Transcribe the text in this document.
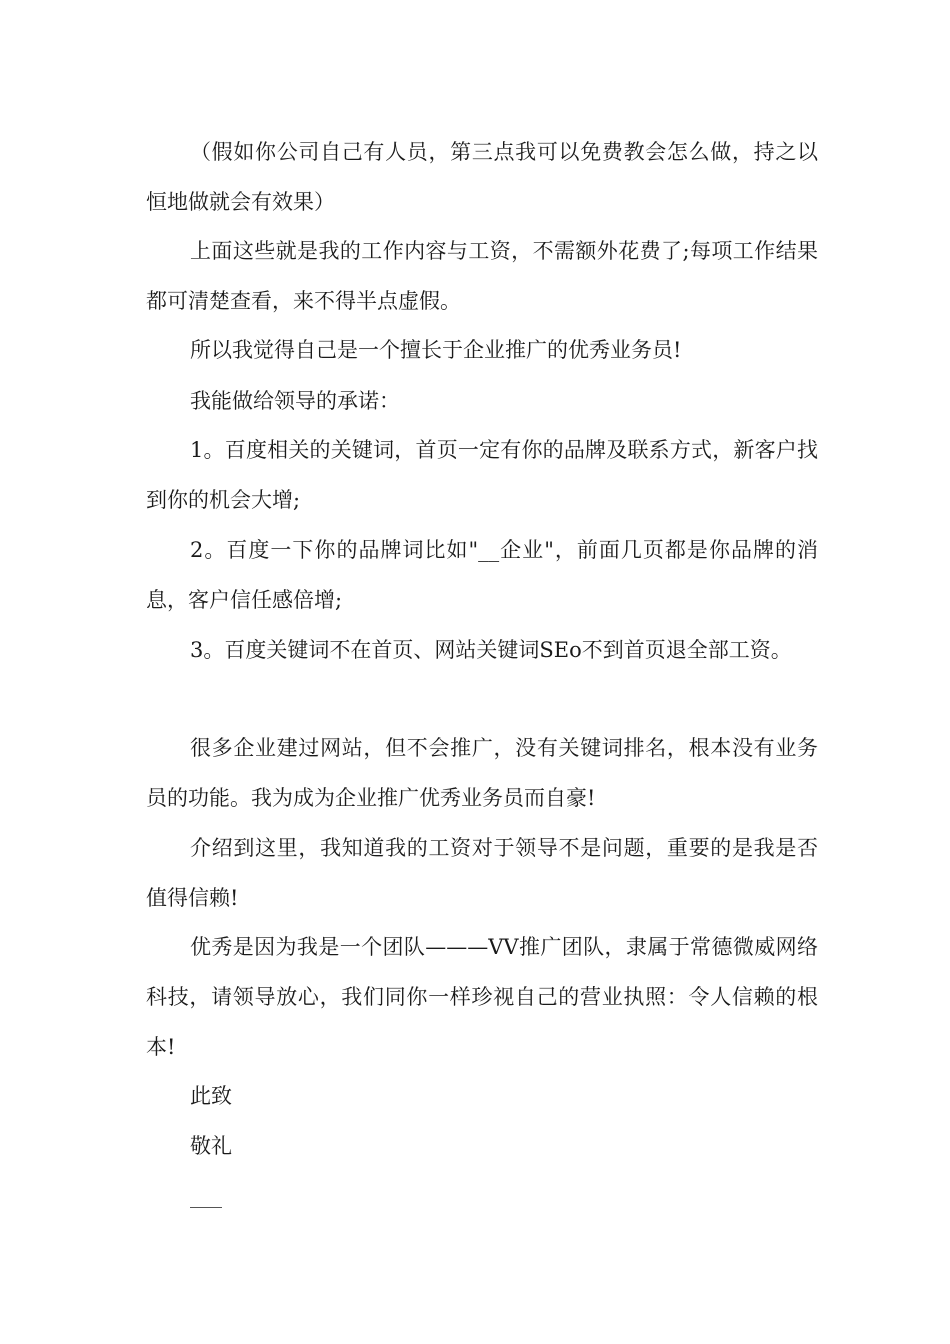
（假如你公司自己有人员，第三点我可以免费教会怎么做，持之以恒地做就会有效果）

上面这些就是我的工作内容与工资，不需额外花费了;每项工作结果都可清楚查看，来不得半点虚假。

所以我觉得自己是一个擅长于企业推广的优秀业务员!

我能做给领导的承诺：

1。百度相关的关键词，首页一定有你的品牌及联系方式，新客户找到你的机会大增;

2。百度一下你的品牌词比如"__企业"，前面几页都是你品牌的消息，客户信任感倍增;

3。百度关键词不在首页、网站关键词SEo不到首页退全部工资。

很多企业建过网站，但不会推广，没有关键词排名，根本没有业务员的功能。我为成为企业推广优秀业务员而自豪!

介绍到这里，我知道我的工资对于领导不是问题，重要的是我是否值得信赖!

优秀是因为我是一个团队———VV推广团队，隶属于常德微威网络科技，请领导放心，我们同你一样珍视自己的营业执照：令人信赖的根本!

此致

敬礼
